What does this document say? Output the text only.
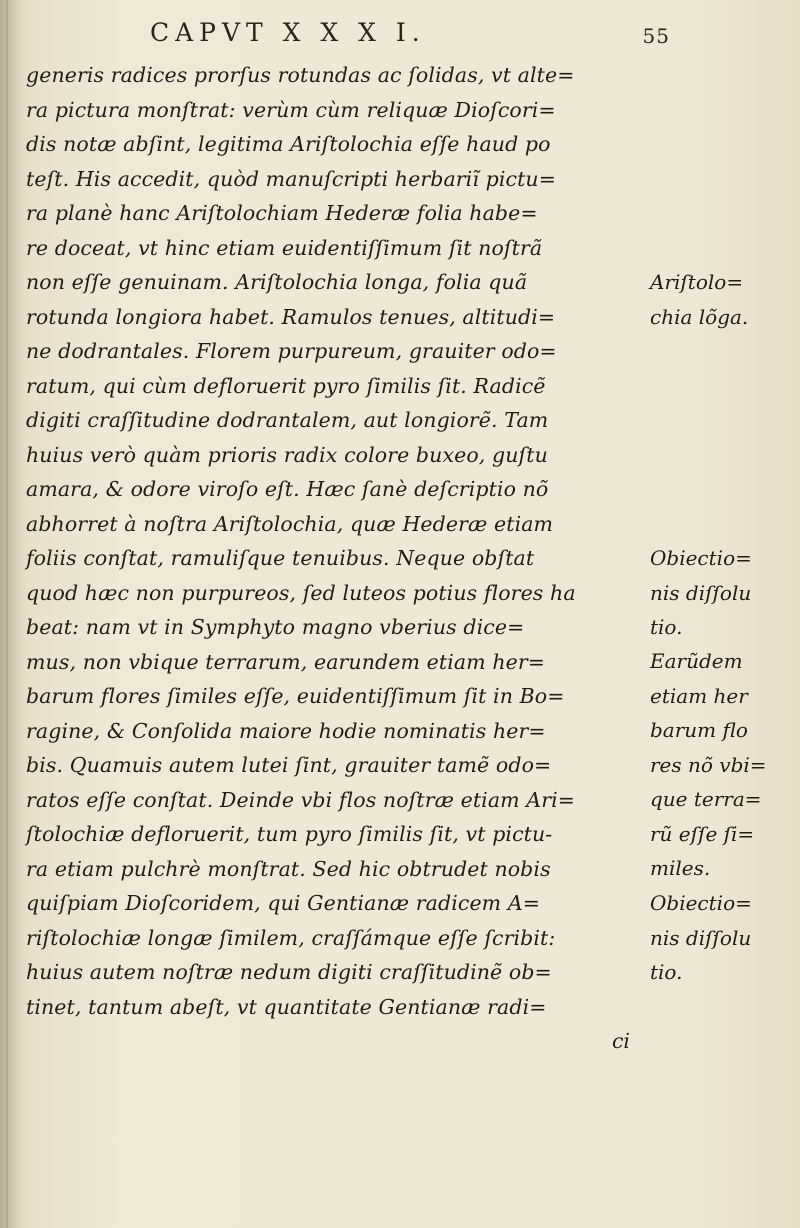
CAPVT X X X I.	55
generis radices prorſus rotundas ac ſolidas, vt alte=
ra pictura monſtrat: verùm cùm reliquæ Dioſcori=
dis notæ abſint, legitima Ariſtolochia eſſe haud po
teſt. His accedit, quòd manuſcripti herbariĩ pictu=
ra planè hanc Ariſtolochiam Hederæ folia habe=
re doceat, vt hinc etiam euidentiſſimum ſit noſtrã
non eſſe genuinam. Ariſtolochia longa, folia quã
rotunda longiora habet. Ramulos tenues, altitudi=
ne dodrantales. Florem purpureum, grauiter odo=
ratum, qui cùm defloruerit pyro ſimilis ſit. Radicẽ
digiti craſſitudine dodrantalem, aut longiorẽ. Tam
huius verò quàm prioris radix colore buxeo, guſtu
amara, & odore viroſo eſt. Hæc ſanè deſcriptio nõ
abhorret à noſtra Ariſtolochia, quæ Hederæ etiam
foliis conſtat, ramuliſque tenuibus. Neque obſtat
quod hæc non purpureos, ſed luteos potius flores ha
beat: nam vt in Symphyto magno vberius dice=
mus, non vbique terrarum, earundem etiam her=
barum flores ſimiles eſſe, euidentiſſimum ſit in Bo=
ragine, & Conſolida maiore hodie nominatis her=
bis. Quamuis autem lutei ſint, grauiter tamẽ odo=
ratos eſſe conſtat. Deinde vbi flos noſtræ etiam Ari=
ſtolochiæ defloruerit, tum pyro ſimilis ſit, vt pictu-
ra etiam pulchrè monſtrat. Sed hic obtrudet nobis
quiſpiam Dioſcoridem, qui Gentianæ radicem A=
riſtolochiæ longæ ſimilem, craſſámque eſſe ſcribit:
huius autem noſtræ nedum digiti craſſitudinẽ ob=
tinet, tantum abeſt, vt quantitate Gentianæ radi=
ci
Ariſtolo=
chia lõga.
Obiectio=
nis diſſolu
tio.
Earũdem
etiam her
barum flo
res nõ vbi=
que terra=
rũ eſſe ſi=
miles.
Obiectio=
nis diſſolu
tio.
